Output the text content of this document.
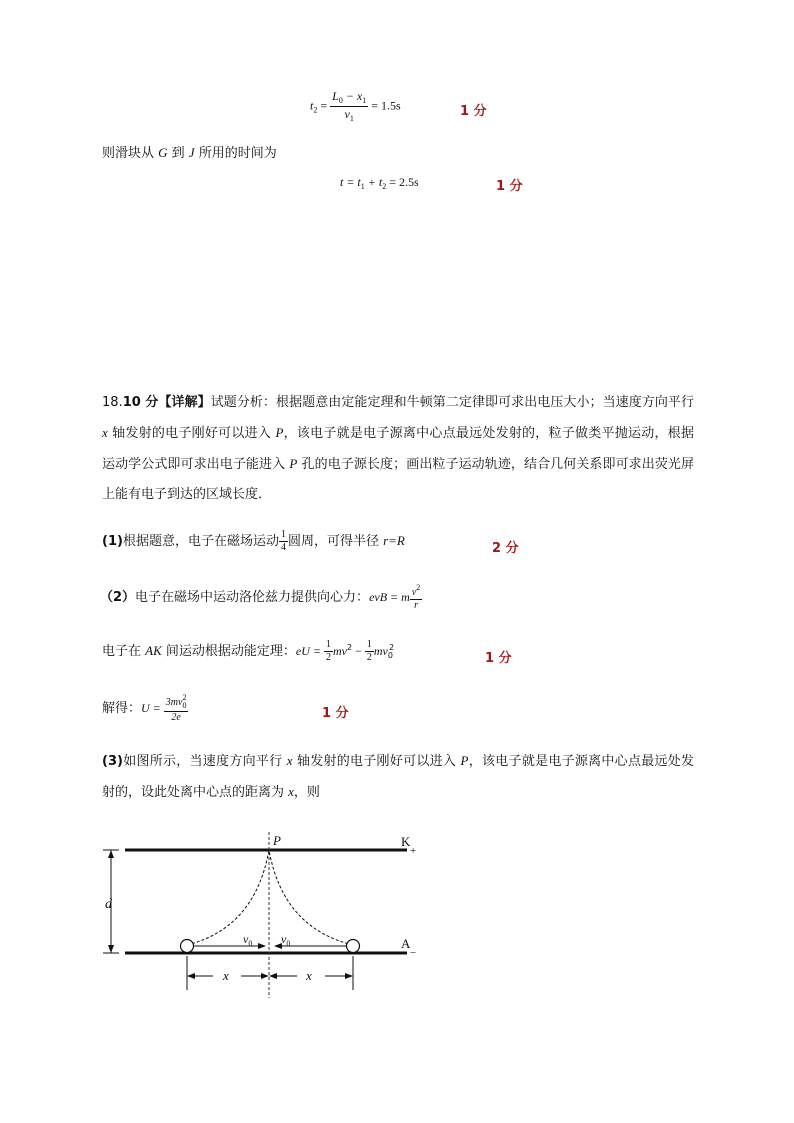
$t_2 = \frac{L_0 - x_1}{v_1} = 1.5s$	1 分
则滑块从 G 到 J 所用的时间为
$t = t_1 + t_2 = 2.5s$	1 分
18.10 分【详解】试题分析：根据题意由定能定理和牛顿第二定律即可求出电压大小；当速度方向平行 x 轴发射的电子刚好可以进入 P，该电子就是电子源离中心点最远处发射的，粒子做类平抛运动，根据运动学公式即可求出电子能进入 P 孔的电子源长度；画出粒子运动轨迹，结合几何关系即可求出荧光屏上能有电子到达的区域长度．
(1)根据题意，电子在磁场运动 $\frac{1}{4}$ 圆周，可得半径 r=R
2 分
（2）电子在磁场中运动洛伦兹力提供向心力：evB = m $\frac{v^2}{r}$
电子在 AK 间运动根据动能定理：eU = $\frac{1}{2} mv^2 - \frac{1}{2} mv_0^2$
1 分
解得：$U = \frac{3mv_0^2}{2e}$	1 分
(3)如图所示，当速度方向平行 x 轴发射的电子刚好可以进入 P，该电子就是电子源离中心点最远处发射的，设此处离中心点的距离为 x，则
d
$v_0$ $v_0$
P	K
+
A
−
x	x
